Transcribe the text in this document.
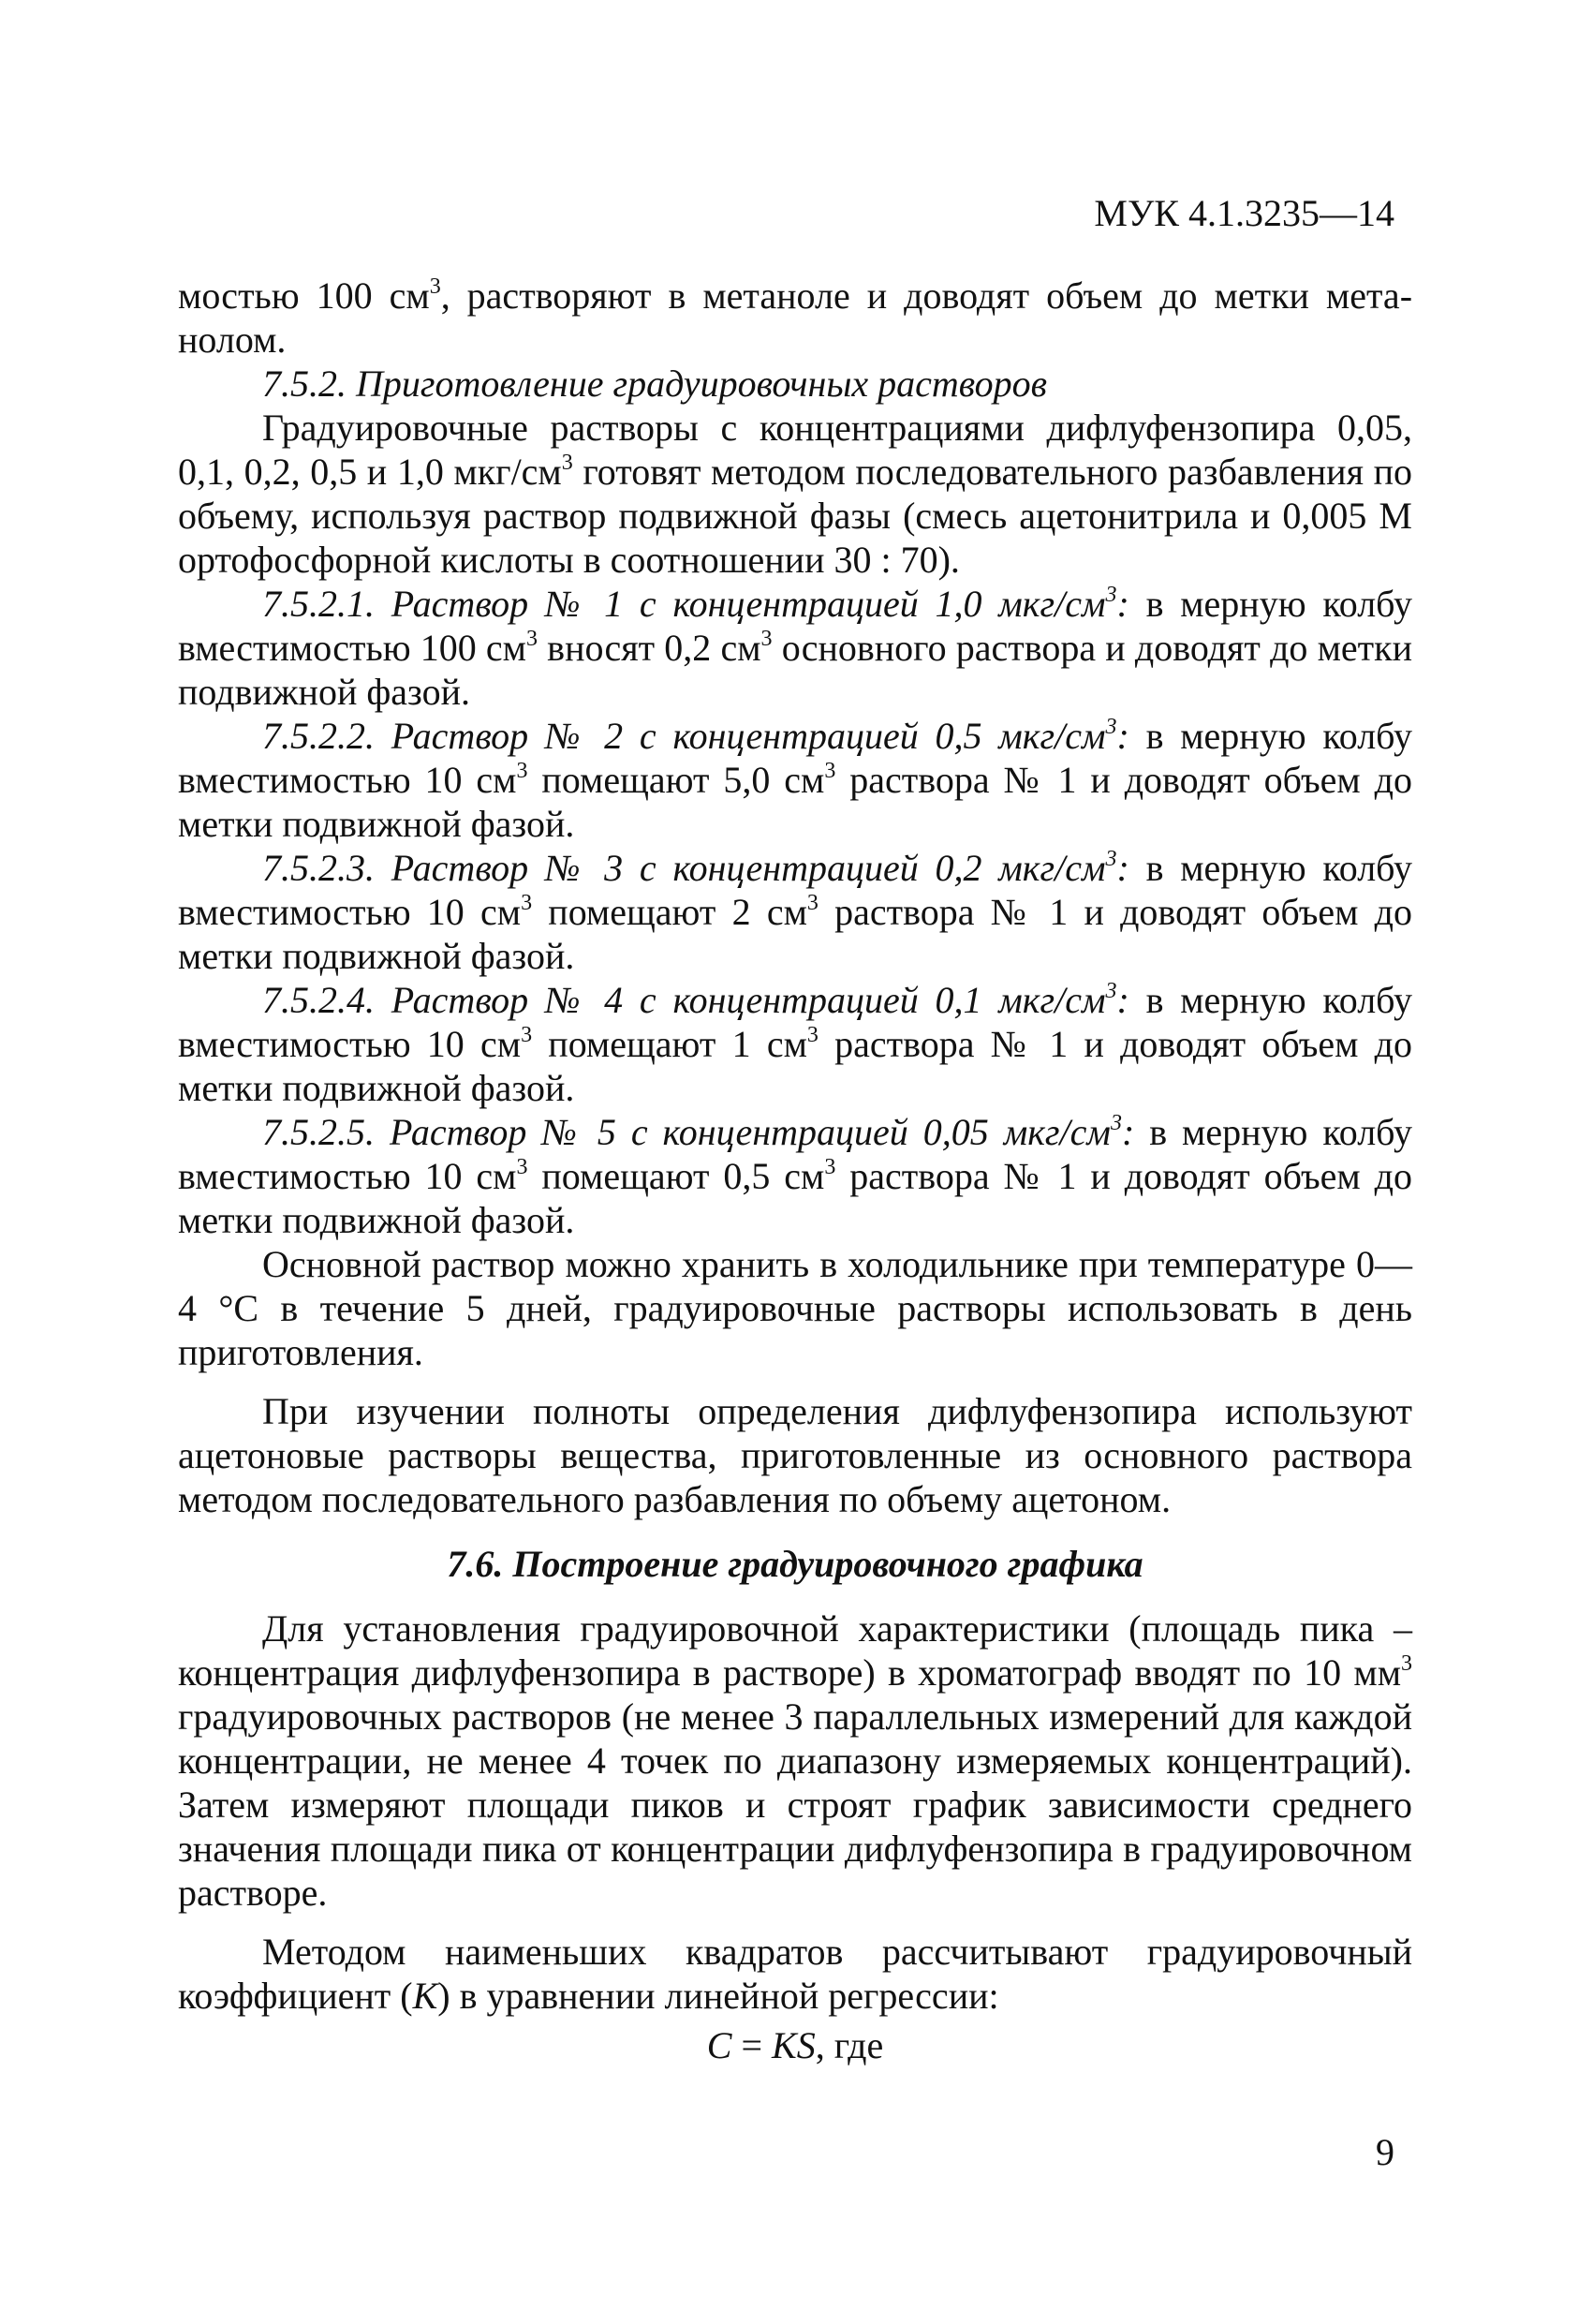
МУК 4.1.3235—14

мостью 100 $см^3$, растворяют в метаноле и доводят объем до метки метанолом.

7.5.2. Приготовление градуировочных растворов

Градуировочные растворы с концентрациями дифлуфензопира 0,05, 0,1, 0,2, 0,5 и 1,0 мкг/$см^3$ готовят методом последовательного разбавления по объему, используя раствор подвижной фазы (смесь ацетонитрила и 0,005 М ортофосфорной кислоты в соотношении 30 : 70).

7.5.2.1. Раствор № 1 с концентрацией 1,0 мкг/$см^3$: в мерную колбу вместимостью 100 $см^3$ вносят 0,2 $см^3$ основного раствора и доводят до метки подвижной фазой.

7.5.2.2. Раствор № 2 с концентрацией 0,5 мкг/$см^3$: в мерную колбу вместимостью 10 $см^3$ помещают 5,0 $см^3$ раствора № 1 и доводят объем до метки подвижной фазой.

7.5.2.3. Раствор № 3 с концентрацией 0,2 мкг/$см^3$: в мерную колбу вместимостью 10 $см^3$ помещают 2 $см^3$ раствора № 1 и доводят объем до метки подвижной фазой.

7.5.2.4. Раствор № 4 с концентрацией 0,1 мкг/$см^3$: в мерную колбу вместимостью 10 $см^3$ помещают 1 $см^3$ раствора № 1 и доводят объем до метки подвижной фазой.

7.5.2.5. Раствор № 5 с концентрацией 0,05 мкг/$см^3$: в мерную колбу вместимостью 10 $см^3$ помещают 0,5 $см^3$ раствора № 1 и доводят объем до метки подвижной фазой.

Основной раствор можно хранить в холодильнике при температуре 0—4 °С в течение 5 дней, градуировочные растворы использовать в день приготовления.

При изучении полноты определения дифлуфензопира используют ацетоновые растворы вещества, приготовленные из основного раствора методом последовательного разбавления по объему ацетоном.

7.6. Построение градуировочного графика

Для установления градуировочной характеристики (площадь пика – концентрация дифлуфензопира в растворе) в хроматограф вводят по 10 $мм^3$ градуировочных растворов (не менее 3 параллельных измерений для каждой концентрации, не менее 4 точек по диапазону измеряемых концентраций). Затем измеряют площади пиков и строят график зависимости среднего значения площади пика от концентрации дифлуфензопира в градуировочном растворе.

Методом наименьших квадратов рассчитывают градуировочный коэффициент (K) в уравнении линейной регрессии:

C = KS, где

9
